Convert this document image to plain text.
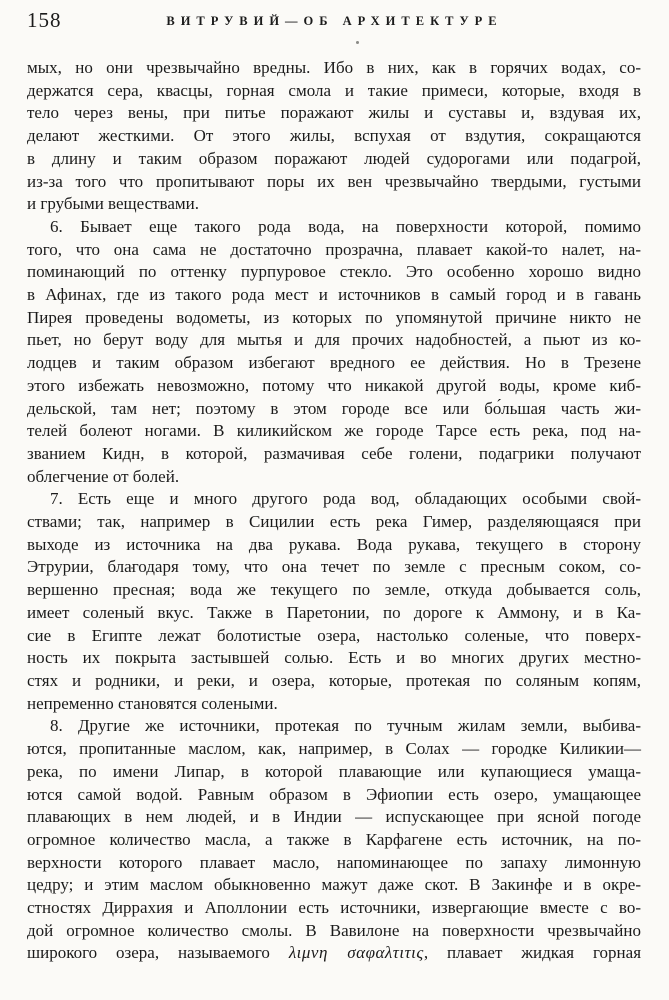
158	ВИТРУВИЙ—ОБ АРХИТЕКТУРЕ
мых, но они чрезвычайно вредны. Ибо в них, как в горячих водах, со-
держатся сера, квасцы, горная смола и такие примеси, которые, входя в
тело через вены, при питье поражают жилы и суставы и, вздувая их,
делают жесткими. От этого жилы, вспухая от вздутия, сокращаются
в длину и таким образом поражают людей судорогами или подагрой,
из-за того что пропитывают поры их вен чрезвычайно твердыми, густыми
и грубыми веществами.
6. Бывает еще такого рода вода, на поверхности которой, помимо
того, что она сама не достаточно прозрачна, плавает какой-то налет, на-
поминающий по оттенку пурпуровое стекло. Это особенно хорошо видно
в Афинах, где из такого рода мест и источников в самый город и в гавань
Пирея проведены водометы, из которых по упомянутой причине никто не
пьет, но берут воду для мытья и для прочих надобностей, а пьют из ко-
лодцев и таким образом избегают вредного ее действия. Но в Трезене
этого избежать невозможно, потому что никакой другой воды, кроме киб-
дельской, там нет; поэтому в этом городе все или бо́льшая часть жи-
телей болеют ногами. В киликийском же городе Тарсе есть река, под на-
званием Кидн, в которой, размачивая себе голени, подагрики получают
облегчение от болей.
7. Есть еще и много другого рода вод, обладающих особыми свой-
ствами; так, например в Сицилии есть река Гимер, разделяющаяся при
выходе из источника на два рукава. Вода рукава, текущего в сторону
Этрурии, благодаря тому, что она течет по земле с пресным соком, со-
вершенно пресная; вода же текущего по земле, откуда добывается соль,
имеет соленый вкус. Также в Паретонии, по дороге к Аммону, и в Ка-
сие в Египте лежат болотистые озера, настолько соленые, что поверх-
ность их покрыта застывшей солью. Есть и во многих других местно-
стях и родники, и реки, и озера, которые, протекая по соляным копям,
непременно становятся солеными.
8. Другие же источники, протекая по тучным жилам земли, выбива-
ются, пропитанные маслом, как, например, в Солах — городке Киликии—
река, по имени Липар, в которой плавающие или купающиеся умаща-
ются самой водой. Равным образом в Эфиопии есть озеро, умащающее
плавающих в нем людей, и в Индии — испускающее при ясной погоде
огромное количество масла, а также в Карфагене есть источник, на по-
верхности которого плавает масло, напоминающее по запаху лимонную
цедру; и этим маслом обыкновенно мажут даже скот. В Закинфе и в окре-
стностях Диррахия и Аполлонии есть источники, извергающие вместе с во-
дой огромное количество смолы. В Вавилоне на поверхности чрезвычайно
широкого озера, называемого λιμνη σαφαλτιτις, плавает жидкая горная
